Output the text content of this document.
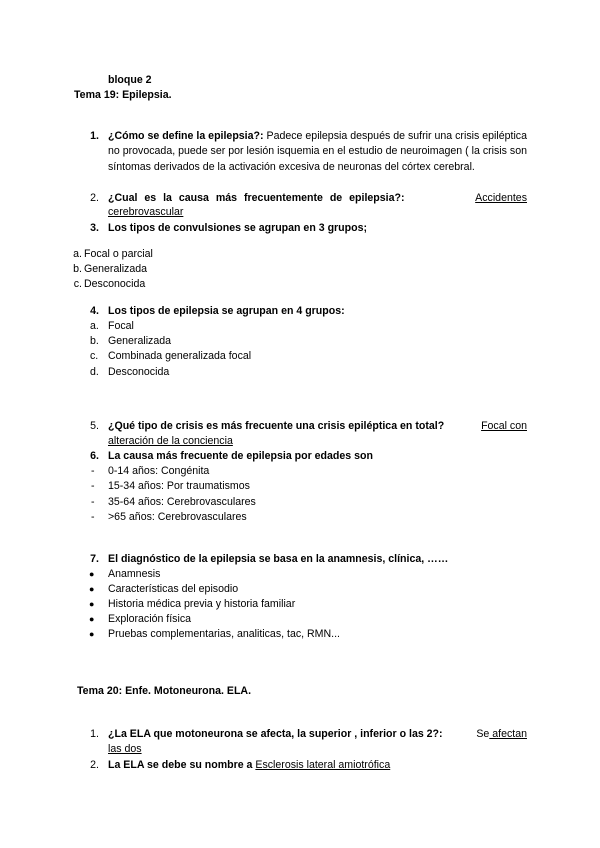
bloque 2
Tema 19: Epilepsia.
1. ¿Cómo se define la epilepsia?: Padece epilepsia después de sufrir una crisis epiléptica no provocada, puede ser por lesión isquemia en el estudio de neuroimagen ( la crisis son síntomas derivados de la activación excesiva de neuronas del córtex cerebral.
2. ¿Cual es la causa más frecuentemente de epilepsia?:	Accidentes
cerebrovascular
3. Los tipos de convulsiones se agrupan en 3 grupos;
a. Focal o parcial
b. Generalizada
c. Desconocida
4. Los tipos de epilepsia se agrupan en 4 grupos:
a. Focal
b. Generalizada
c. Combinada generalizada focal
d. Desconocida
5. ¿Qué tipo de crisis es más frecuente una crisis epiléptica en total?	Focal con
alteración de la conciencia
6. La causa más frecuente de epilepsia por edades son
- 0-14 años: Congénita
- 15-34 años: Por traumatismos
- 35-64 años: Cerebrovasculares
- >65 años: Cerebrovasculares
7. El diagnóstico de la epilepsia se basa en la anamnesis, clínica, ……
● Anamnesis
● Características del episodio
● Historia médica previa y historia familiar
● Exploración física
● Pruebas complementarias, analiticas, tac, RMN...
Tema 20: Enfe. Motoneurona. ELA.
1. ¿La ELA que motoneurona se afecta, la superior , inferior o las 2?:	Se afectan
las dos
2. La ELA se debe su nombre a Esclerosis lateral amiotrófica
